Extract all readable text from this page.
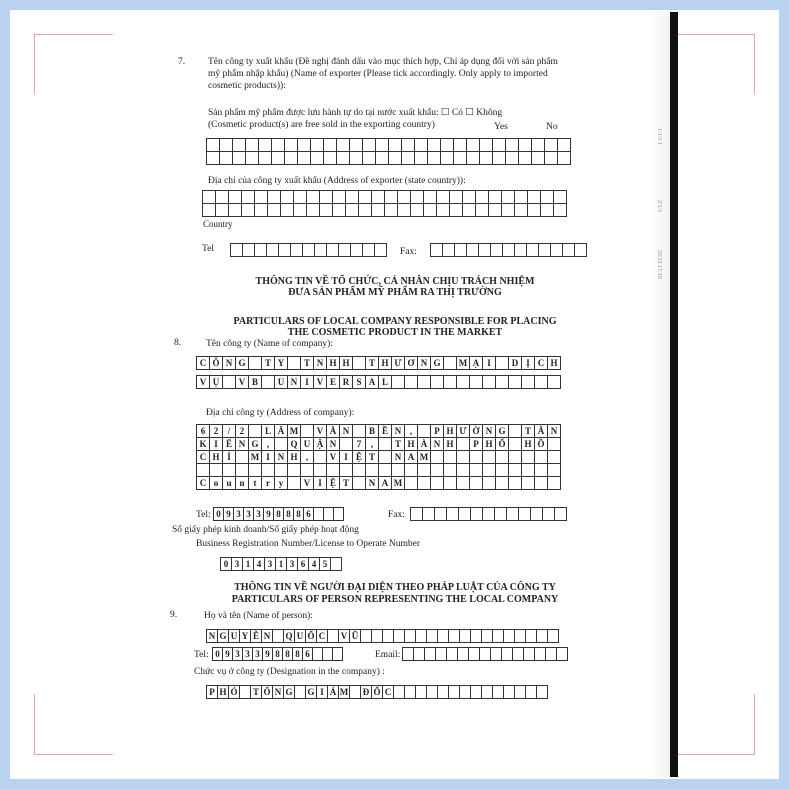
7. Tên công ty xuất khẩu (Đề nghị đánh dấu vào mục thích hợp, Chỉ áp dụng đối với sản phẩm
mỹ phẩm nhập khẩu) (Name of exporter (Please tick accordingly. Only apply to imported
cosmetic products)):
Sản phẩm mỹ phẩm được lưu hành tự do tại nước xuất khẩu: ☐ Có ☐ Không
(Cosmetic product(s) are free sold in the exporting country)	Yes	No
Địa chỉ của công ty xuất khẩu (Address of exporter (state country)):
Country
Tel	Fax:
THÔNG TIN VỀ TỔ CHỨC, CÁ NHÂN CHỊU TRÁCH NHIỆM
ĐƯA SẢN PHẨM MỸ PHẨM RA THỊ TRƯỜNG
PARTICULARS OF LOCAL COMPANY RESPONSIBLE FOR PLACING
THE COSMETIC PRODUCT IN THE MARKET
8.	Tên công ty (Name of company):
C Ô N G	T Y	T N H H	T H Ư Ơ N G	M Ạ I	D Ị C H
V Ụ	V B	U N I V E R S A L
Địa chỉ công ty (Address of company):
6 2	/	2	L Â M	V Ă N	B Ề N ,	P H Ư Ờ N G	T Â N
K I Ể N G ,	Q U Ậ N	7	,	T H À N H	P H Ố	H Ồ
C H Í	M I N H ,	V I Ệ T	N A M
C o u n	t	r y	V I Ệ T	N A M
Tel: 0 9 3 3 3 9 8 8 8 6	Fax:
Số giấy phép kinh doanh/Số giấy phép hoạt động
Business Registration Number/License to Operate Number
0 3 1 4 3 1 3 6 4 5
THÔNG TIN VỀ NGƯỜI ĐẠI DIỆN THEO PHÁP LUẬT CỦA CÔNG TY
PARTICULARS OF PERSON REPRESENTING THE LOCAL COMPANY
9.	Họ và tên (Name of person):
N G U Y Ễ N	Q U Ố C	V Ũ
Tel: 0 9 3 3 3 9 8 8 8 6	Email:
Chức vụ ở công ty (Designation in the company) :
P H Ó	T Ổ N G G I Á M	Đ Ố C
1/1/1 1
2/1/1
22/22 17/18
